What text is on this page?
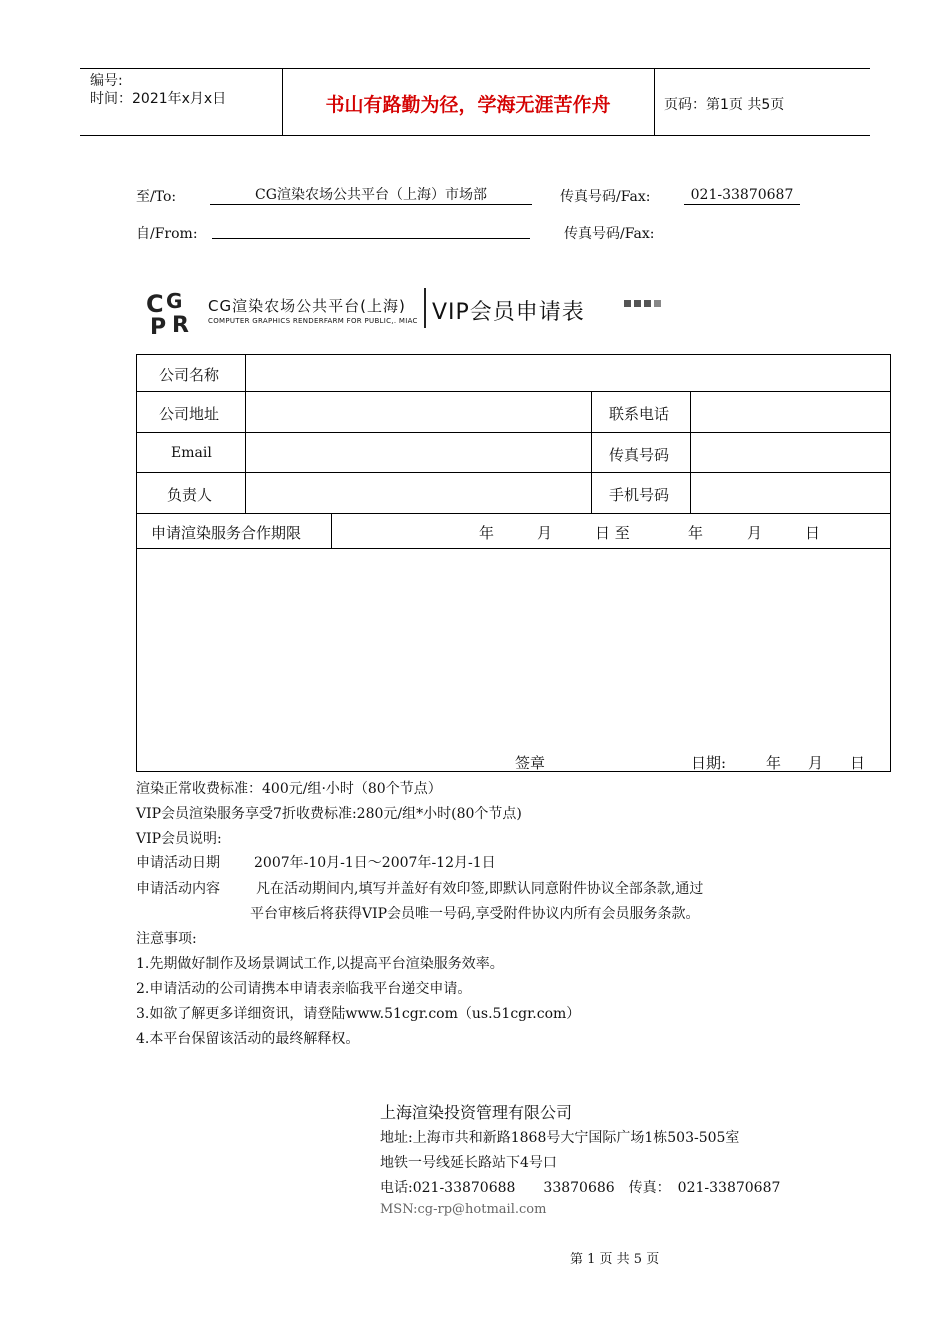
编号:
时间：2021年x月x日	书山有路勤为径，学海无涯苦作舟	页码：第1页 共5页
至/To:	CG渲染农场公共平台（上海）市场部	传真号码/Fax:	021-33870687
自/From:	传真号码/Fax:
C G
P R
CG渲染农场公共平台(上海)
COMPUTER GRAPHICS RENDERFARM FOR PUBLIC,. MIAC VIP会员申请表
公司名称
公司地址	联系电话
Email	传真号码
负责人	手机号码
申请渲染服务合作期限	年	月	日 至	年	月	日
签章	日期:	年 月 日
渲染正常收费标准：400元/组·小时（80个节点）
VIP会员渲染服务享受7折收费标准:280元/组*小时(80个节点)
VIP会员说明:
申请活动日期 2007年-10月-1日～2007年-12月-1日
申请活动内容	凡在活动期间内,填写并盖好有效印签,即默认同意附件协议全部条款,通过
平台审核后将获得VIP会员唯一号码,享受附件协议内所有会员服务条款。
注意事项:
1.先期做好制作及场景调试工作,以提高平台渲染服务效率。
2.申请活动的公司请携本申请表亲临我平台递交申请。
3.如欲了解更多详细资讯，请登陆www.51cgr.com（us.51cgr.com）
4.本平台保留该活动的最终解释权。
上海渲染投资管理有限公司
地址:上海市共和新路1868号大宁国际广场1栋503-505室
地铁一号线延长路站下4号口
电话:021-33870688　　33870686　传真：　021-33870687
MSN:cg-rp@hotmail.com
第 1 页 共 5 页
